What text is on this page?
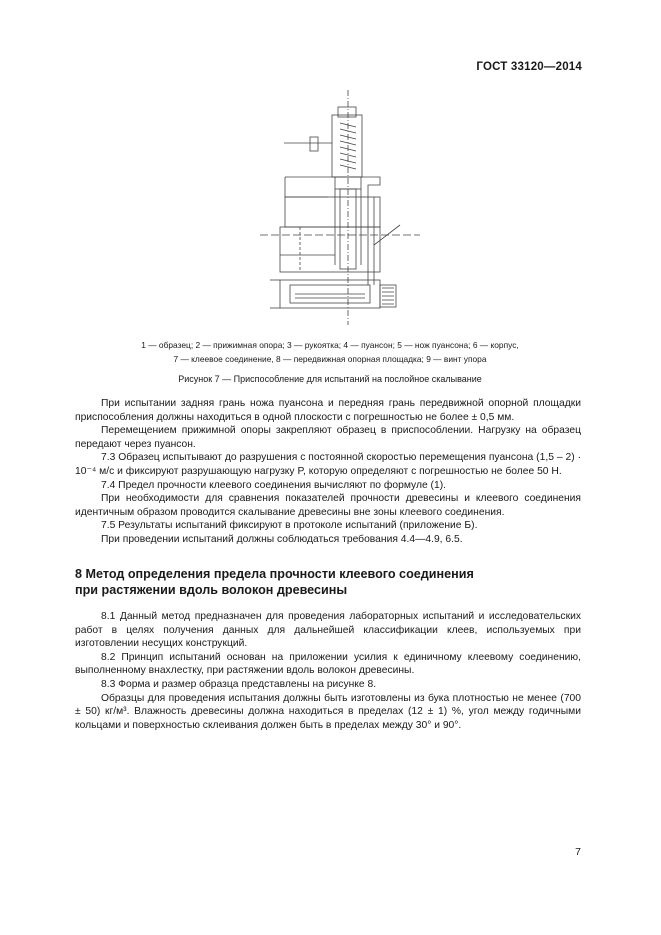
ГОСТ 33120—2014
1 — образец; 2 — прижимная опора; 3 — рукоятка; 4 — пуансон; 5 — нож пуансона; 6 — корпус,
7 — клеевое соединение, 8 — передвижная опорная площадка; 9 — винт упора
Рисунок 7 — Приспособление для испытаний на послойное скалывание

При испытании задняя грань ножа пуансона и передняя грань передвижной опорной площадки приспособления должны находиться в одной плоскости с погрешностью не более ± 0,5 мм.

Перемещением прижимной опоры закрепляют образец в приспособлении. Нагрузку на образец передают через пуансон.

7.3 Образец испытывают до разрушения с постоянной скоростью перемещения пуансона (1,5 – 2) · 10⁻⁴ м/с и фиксируют разрушающую нагрузку P, которую определяют с погрешностью не более 50 Н.

7.4 Предел прочности клеевого соединения вычисляют по формуле (1).

При необходимости для сравнения показателей прочности древесины и клеевого соединения идентичным образом проводится скалывание древесины вне зоны клеевого соединения.

7.5 Результаты испытаний фиксируют в протоколе испытаний (приложение Б).

При проведении испытаний должны соблюдаться требования 4.4—4.9, 6.5.

8 Метод определения предела прочности клеевого соединения
при растяжении вдоль волокон древесины

8.1 Данный метод предназначен для проведения лабораторных испытаний и исследовательских работ в целях получения данных для дальнейшей классификации клеев, используемых при изготовлении несущих конструкций.

8.2 Принцип испытаний основан на приложении усилия к единичному клеевому соединению, выполненному внахлестку, при растяжении вдоль волокон древесины.

8.3 Форма и размер образца представлены на рисунке 8.

Образцы для проведения испытания должны быть изготовлены из бука плотностью не менее (700 ± 50) кг/м³. Влажность древесины должна находиться в пределах (12 ± 1) %, угол между годичными кольцами и поверхностью склеивания должен быть в пределах между 30° и 90°.

7
